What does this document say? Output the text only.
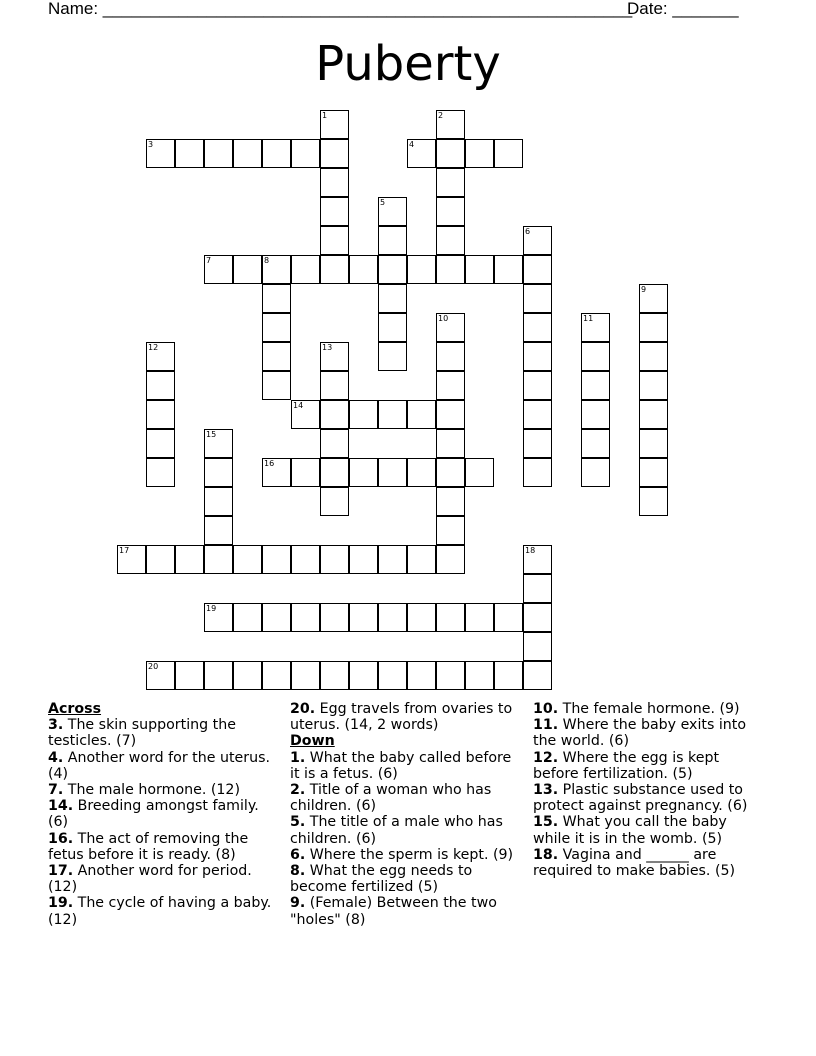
Name: ________________________________________________________
Date: _______
Puberty
1	2
3	4
5
6
7	8
9
10	11
12	13
14
15
16
17	18
19
20
Across
3. The skin supporting the testicles. (7)
4. Another word for the uterus. (4)
7. The male hormone. (12)
14. Breeding amongst family. (6)
16. The act of removing the fetus before it is ready. (8)
17. Another word for period. (12)
19. The cycle of having a baby. (12)
20. Egg travels from ovaries to uterus. (14, 2 words)
Down
1. What the baby called before it is a fetus. (6)
2. Title of a woman who has children. (6)
5. The title of a male who has children. (6)
6. Where the sperm is kept. (9)
8. What the egg needs to become fertilized (5)
9. (Female) Between the two "holes" (8)
10. The female hormone. (9)
11. Where the baby exits into the world. (6)
12. Where the egg is kept before fertilization. (5)
13. Plastic substance used to protect against pregnancy. (6)
15. What you call the baby while it is in the womb. (5)
18. Vagina and ______ are required to make babies. (5)
